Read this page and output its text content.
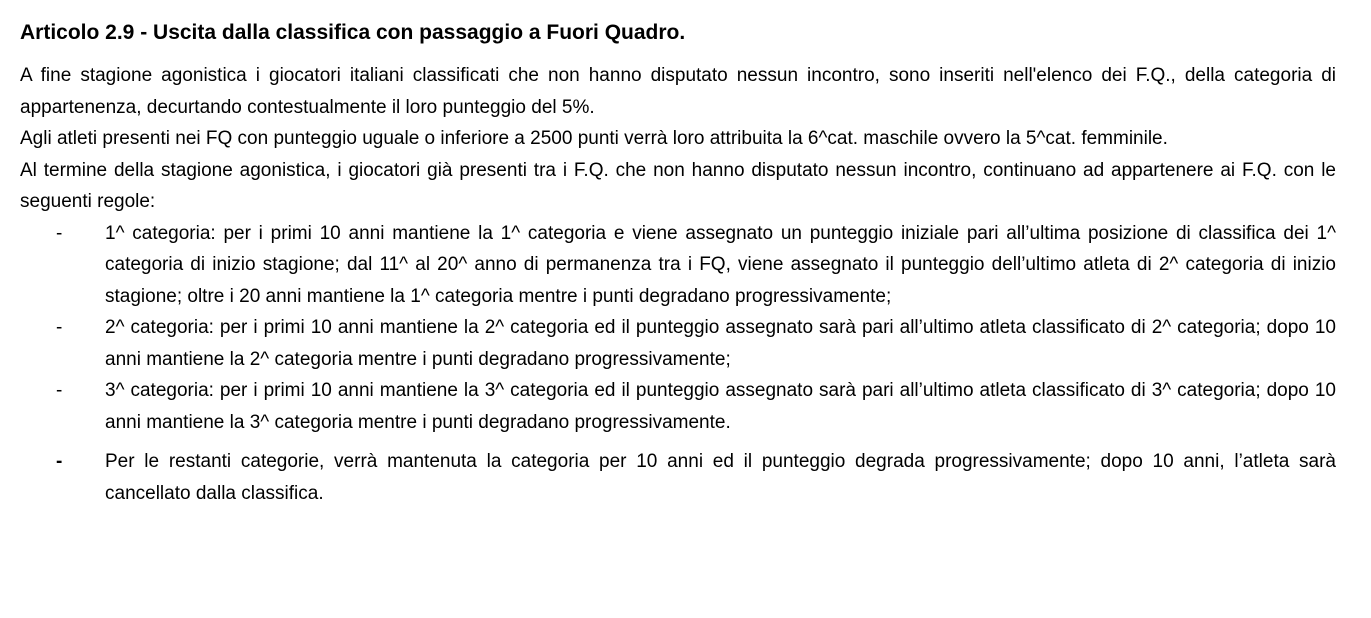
Articolo 2.9 - Uscita dalla classifica con passaggio a Fuori Quadro.

A fine stagione agonistica i giocatori italiani classificati che non hanno disputato nessun incontro, sono inseriti nell'elenco dei F.Q., della categoria di appartenenza, decurtando contestualmente il loro punteggio del 5%.

Agli atleti presenti nei FQ con punteggio uguale o inferiore a 2500 punti verrà loro attribuita la 6^cat. maschile ovvero la 5^cat. femminile.

Al termine della stagione agonistica, i giocatori già presenti tra i F.Q. che non hanno disputato nessun incontro, continuano ad appartenere ai F.Q. con le seguenti regole:

- 1^ categoria: per i primi 10 anni mantiene la 1^ categoria e viene assegnato un punteggio iniziale pari all’ultima posizione di classifica dei 1^ categoria di inizio stagione; dal 11^ al 20^ anno di permanenza tra i FQ, viene assegnato il punteggio dell’ultimo atleta di 2^ categoria di inizio stagione; oltre i 20 anni mantiene la 1^ categoria mentre i punti degradano progressivamente;
- 2^ categoria: per i primi 10 anni mantiene la 2^ categoria ed il punteggio assegnato sarà pari all’ultimo atleta classificato di 2^ categoria; dopo 10 anni mantiene la 2^ categoria mentre i punti degradano progressivamente;
- 3^ categoria: per i primi 10 anni mantiene la 3^ categoria ed il punteggio assegnato sarà pari all’ultimo atleta classificato di 3^ categoria; dopo 10 anni mantiene la 3^ categoria mentre i punti degradano progressivamente.
- Per le restanti categorie, verrà mantenuta la categoria per 10 anni ed il punteggio degrada progressivamente; dopo 10 anni, l’atleta sarà cancellato dalla classifica.
